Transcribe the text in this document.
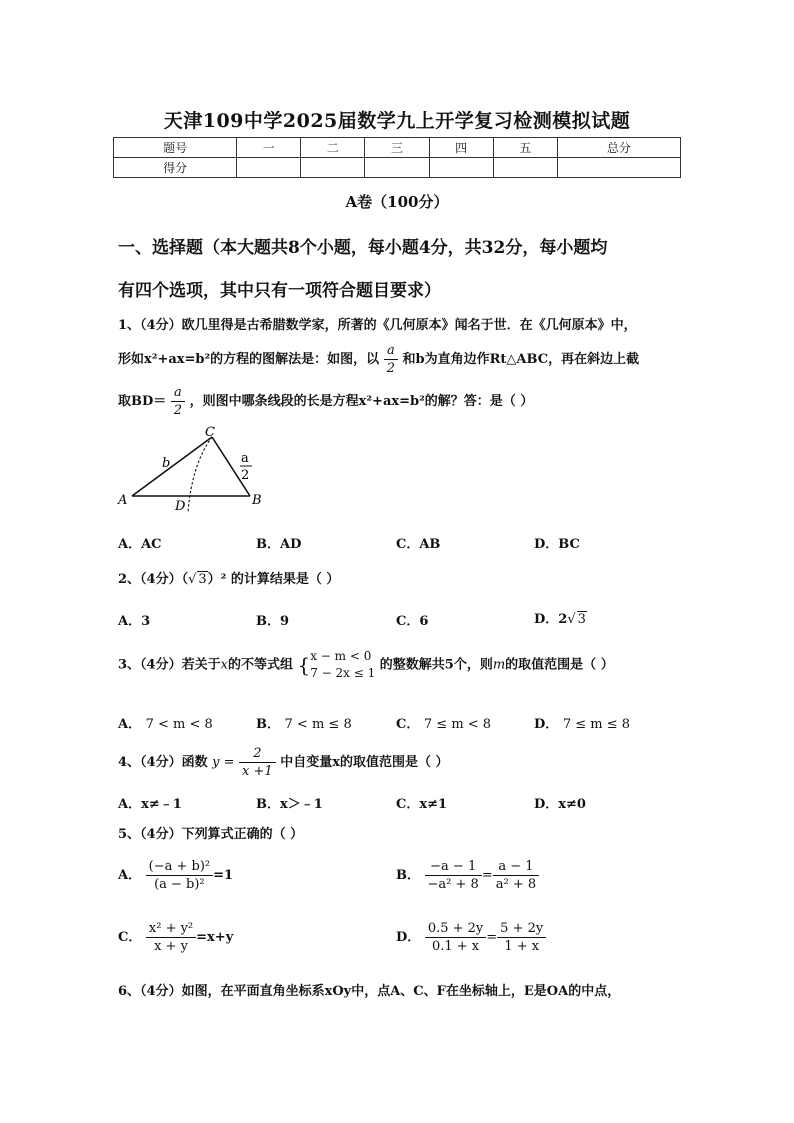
天津109中学2025届数学九上开学复习检测模拟试题
题号	一	二	三	四	五	总分
得分						
A卷（100分）
一、选择题（本大题共8个小题，每小题4分，共32分，每小题均
有四个选项，其中只有一项符合题目要求）
1、（4分）欧几里得是古希腊数学家，所著的《几何原本》闻名于世．在《几何原本》中，
形如x²+ax=b²的方程的图解法是：如图，以 $\frac{a}{2}$ 和b为直角边作Rt△ABC，再在斜边上截
取$BD= \frac{a}{2}$ ，则图中哪条线段的长是方程x²+ax=b²的解？答：是（ ）
C
A	B
D
b	a
2
A．AC	B．AD	C．AB	D．BC
2、（4分）（√ 3）² 的计算结果是（ ）
A．3	B．9	C．6	D．2√ 3
3、（4分）若关于x的不等式组 { x − m < 0
7 − 2x ≤ 1
的整数解共5个，则m的取值范围是（ ）
A． 7 < m < 8	B． 7 < m ≤ 8	C． 7 ≤ m < 8	D． 7 ≤ m ≤ 8
4、（4分）函数 $y = \frac{2}{x +1}$ 中自变量x的取值范围是（ ）
A．x≠﹣1	B．x＞﹣1	C．x≠1	D．x≠0
5、（4分）下列算式正确的（ ）
A． $\frac{\text{(−a + b)²}}{\text{(a − b)²}} =1$	B． $\frac{-a - 1}{\text{−a² + 8}} = \frac{a - 1}{\text{a² + 8}}$
C． $\frac{\text{x² + y²}}{x + y} =x+y$	D． $\frac{0.5 + 2y}{0.1 + x} = \frac{5 + 2y}{1 + x}$
6、（4分）如图，在平面直角坐标系xOy中，点A、C、F在坐标轴上，E是OA的中点，
